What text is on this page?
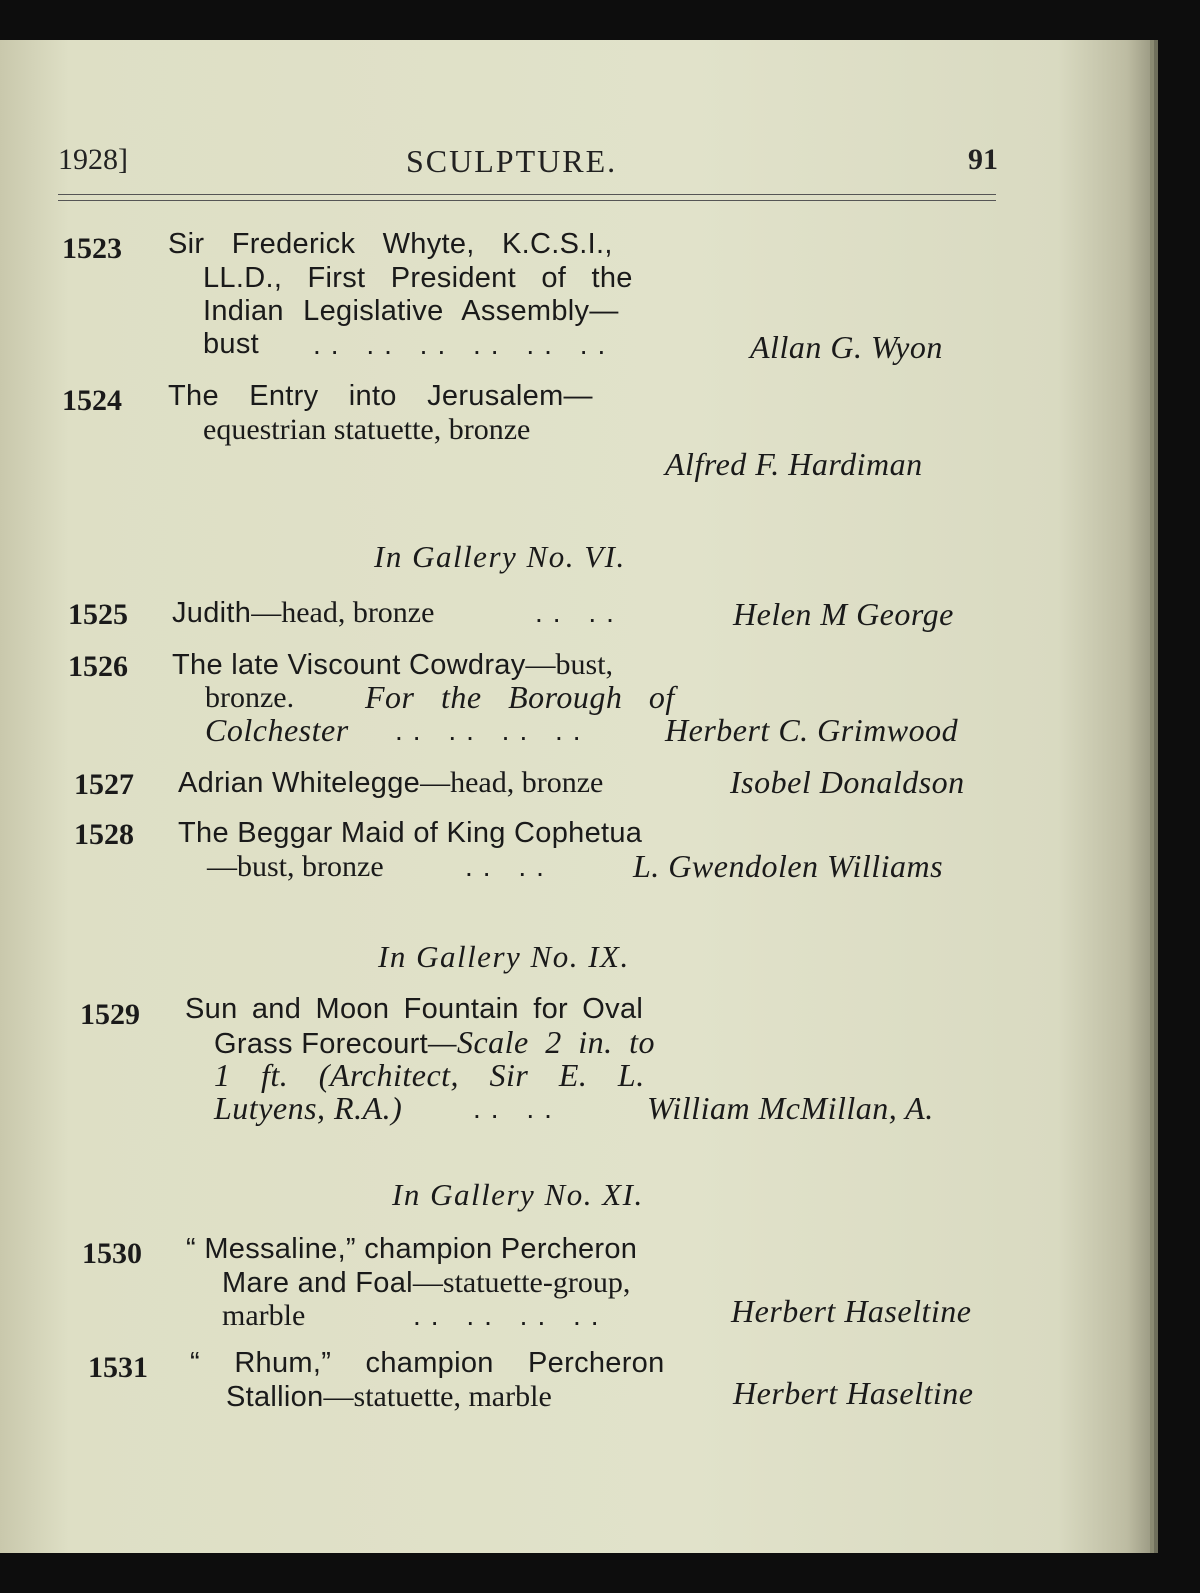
1928]	SCULPTURE.	91
1523 Sir Frederick Whyte, K.C.S.I.,
LL.D., First President of the
Indian Legislative Assembly—
bust .. .. .. .. .. ..	Allan G. Wyon
1524 The Entry into Jerusalem—
equestrian statuette, bronze
Alfred F. Hardiman
In Gallery No. VI.
1525 Judith—head, bronze	.. ..	Helen M George
1526 The late Viscount Cowdray—bust,
bronze. For the Borough of
Colchester .. .. .. .. Herbert C. Grimwood
1527 Adrian Whitelegge—head, bronze	Isobel Donaldson
1528 The Beggar Maid of King Cophetua
—bust, bronze	.. .. L. Gwendolen Williams
In Gallery No. IX.
1529 Sun and Moon Fountain for Oval
Grass Forecourt—Scale 2 in. to
1 ft. (Architect, Sir E. L.
Lutyens, R.A.)	.. ..	William McMillan, A.
In Gallery No. XI.
1530 “ Messaline,” champion Percheron
Mare and Foal—statuette-group,
marble	.. .. .. ..	Herbert Haseltine
1531 “ Rhum,” champion Percheron
Stallion—statuette, marble	Herbert Haseltine
